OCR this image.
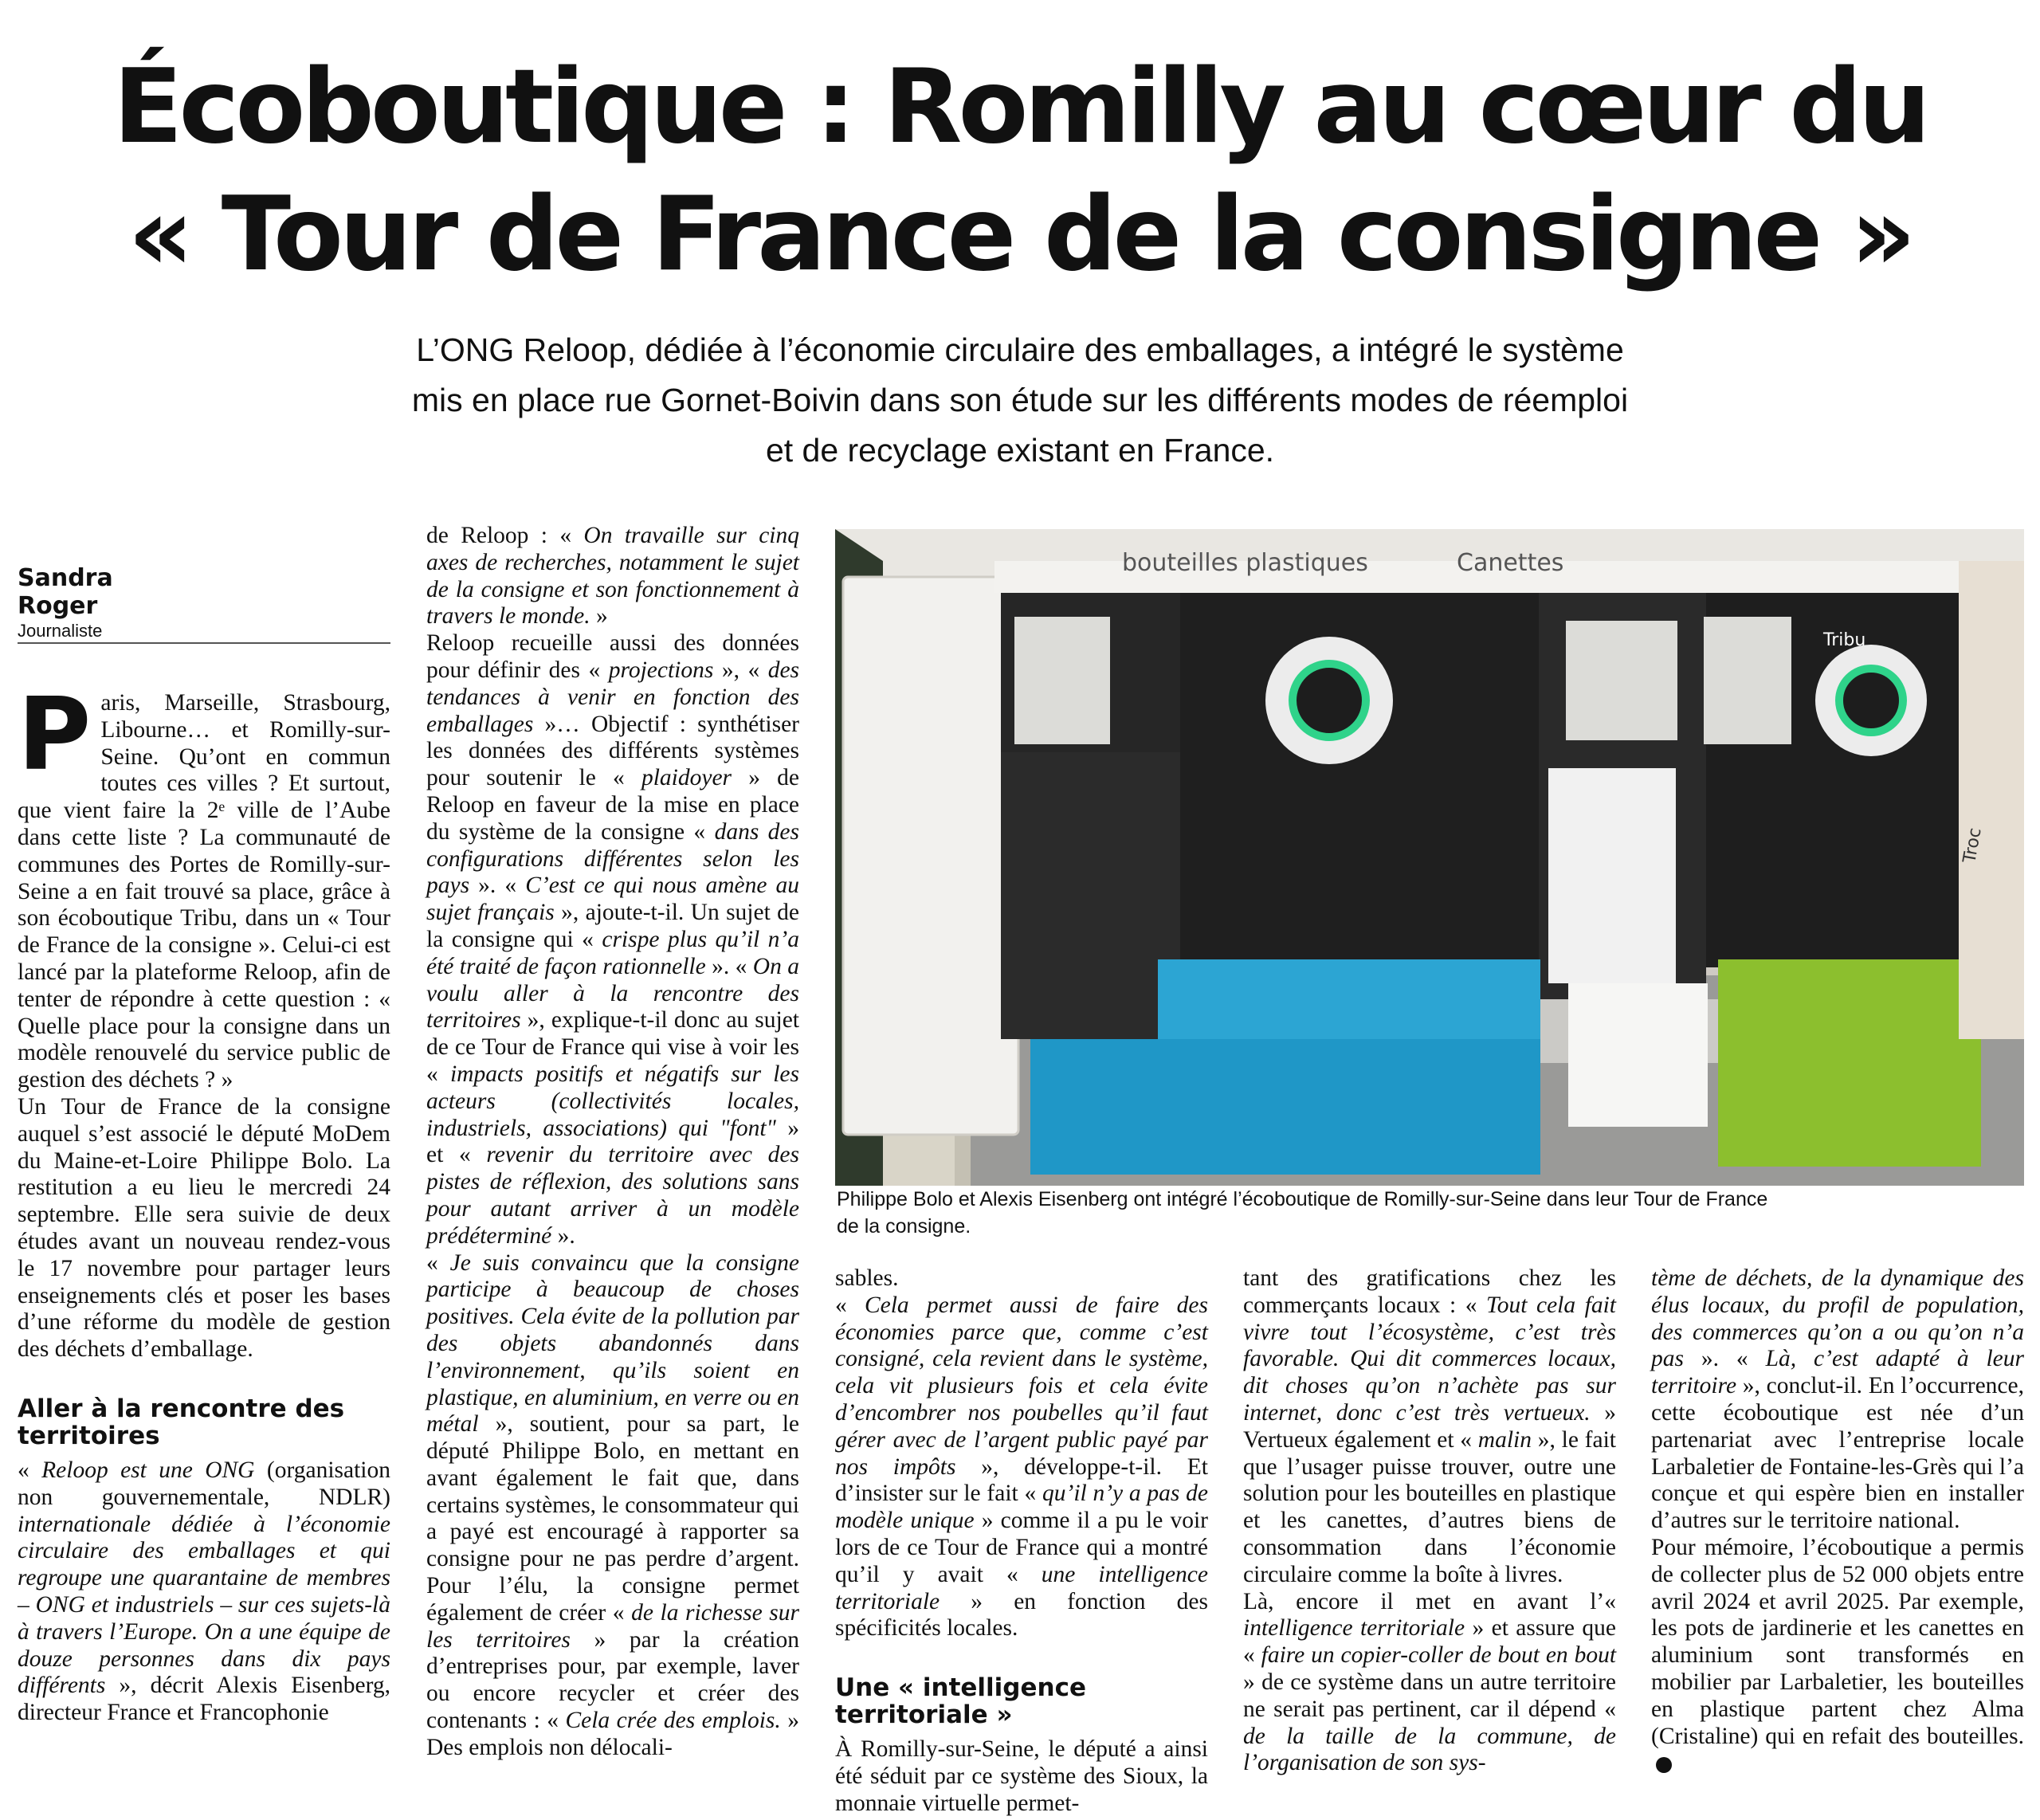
Écoboutique : Romilly au cœur du
« Tour de France de la consigne »

L’ONG Reloop, dédiée à l’économie circulaire des emballages, a intégré le système
mis en place rue Gornet-Boivin dans son étude sur les différents modes de réemploi
et de recyclage existant en France.

Sandra

Roger

Journaliste

Paris, Marseille, Strasbourg, Libourne… et Romilly-sur-Seine. Qu’ont en commun toutes ces villes ? Et surtout, que vient faire la 2ᵉ ville de l’Aube dans cette liste ? La communauté de communes des Portes de Romilly-sur-Seine a en fait trouvé sa place, grâce à son écoboutique Tribu, dans un « Tour de France de la consigne ». Celui-ci est lancé par la plateforme Reloop, afin de tenter de répondre à cette question : « Quelle place pour la consigne dans un modèle renouvelé du service public de gestion des déchets ? »

Un Tour de France de la consigne auquel s’est associé le député MoDem du Maine-et-Loire Philippe Bolo. La restitution a eu lieu le mercredi 24 septembre. Elle sera suivie de deux études avant un nouveau rendez-vous le 17 novembre pour partager leurs enseignements clés et poser les bases d’une réforme du modèle de gestion des déchets d’emballage.

Aller à la rencontre des territoires

« Reloop est une ONG (organisation non gouvernementale, NDLR) internationale dédiée à l’économie circulaire des emballages et qui regroupe une quarantaine de membres – ONG et industriels – sur ces sujets-là à travers l’Europe. On a une équipe de douze personnes dans dix pays différents », décrit Alexis Eisenberg, directeur France et Francophonie

de Reloop : « On travaille sur cinq axes de recherches, notamment le sujet de la consigne et son fonctionnement à travers le monde. »

Reloop recueille aussi des données pour définir des « projections », « des tendances à venir en fonction des emballages »… Objectif : synthétiser les données des différents systèmes pour soutenir le « plaidoyer » de Reloop en faveur de la mise en place du système de la consigne « dans des configurations différentes selon les pays ». « C’est ce qui nous amène au sujet français », ajoute-t-il. Un sujet de la consigne qui « crispe plus qu’il n’a été traité de façon rationnelle ». « On a voulu aller à la rencontre des territoires », explique-t-il donc au sujet de ce Tour de France qui vise à voir les « impacts positifs et négatifs sur les acteurs (collectivités locales, industriels, associations) qui "font" » et « revenir du territoire avec des pistes de réflexion, des solutions sans pour autant arriver à un modèle prédéterminé ».

« Je suis convaincu que la consigne participe à beaucoup de choses positives. Cela évite de la pollution par des objets abandonnés dans l’environnement, qu’ils soient en plastique, en aluminium, en verre ou en métal », soutient, pour sa part, le député Philippe Bolo, en mettant en avant également le fait que, dans certains systèmes, le consommateur qui a payé est encouragé à rapporter sa consigne pour ne pas perdre d’argent. Pour l’élu, la consigne permet également de créer « de la richesse sur les territoires » par la création d’entreprises pour, par exemple, laver ou encore recycler et créer des contenants : « Cela crée des emplois. » Des emplois non délocali-

bouteilles plastiques	Canettes
Tribu
Troc

Philippe Bolo et Alexis Eisenberg ont intégré l’écoboutique de Romilly-sur-Seine dans leur Tour de France
de la consigne.

sables.

« Cela permet aussi de faire des économies parce que, comme c’est consigné, cela revient dans le système, cela vit plusieurs fois et cela évite d’encombrer nos poubelles qu’il faut gérer avec de l’argent public payé par nos impôts », développe-t-il. Et d’insister sur le fait « qu’il n’y a pas de modèle unique » comme il a pu le voir lors de ce Tour de France qui a montré qu’il y avait « une intelligence territoriale » en fonction des spécificités locales.

Une « intelligence territoriale »

À Romilly-sur-Seine, le député a ainsi été séduit par ce système des Sioux, la monnaie virtuelle permet-

tant des gratifications chez les commerçants locaux : « Tout cela fait vivre tout l’écosystème, c’est très favorable. Qui dit commerces locaux, dit choses qu’on n’achète pas sur internet, donc c’est très vertueux. » Vertueux également et « malin », le fait que l’usager puisse trouver, outre une solution pour les bouteilles en plastique et les canettes, d’autres biens de consommation dans l’économie circulaire comme la boîte à livres.

Là, encore il met en avant l’« intelligence territoriale » et assure que « faire un copier-coller de bout en bout » de ce système dans un autre territoire ne serait pas pertinent, car il dépend « de la taille de la commune, de l’organisation de son sys-

tème de déchets, de la dynamique des élus locaux, du profil de population, des commerces qu’on a ou qu’on n’a pas ». « Là, c’est adapté à leur territoire », conclut-il. En l’occurrence, cette écoboutique est née d’un partenariat avec l’entreprise locale Larbaletier de Fontaine-les-Grès qui l’a conçue et qui espère bien en installer d’autres sur le territoire national.

Pour mémoire, l’écoboutique a permis de collecter plus de 52 000 objets entre avril 2024 et avril 2025. Par exemple, les pots de jardinerie et les canettes en aluminium sont transformés en mobilier par Larbaletier, les bouteilles en plastique partent chez Alma (Cristaline) qui en refait des bouteilles.
